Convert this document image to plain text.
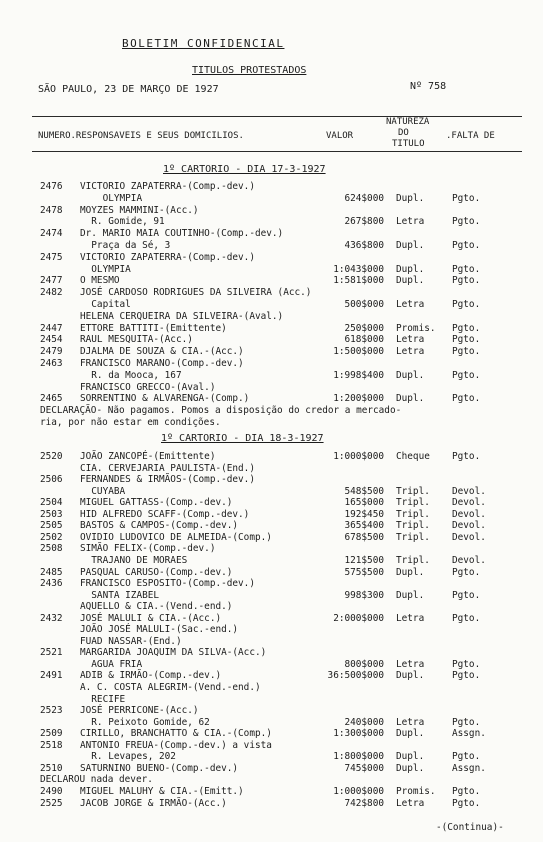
BOLETIM CONFIDENCIAL
TITULOS PROTESTADOS
SÃO PAULO, 23 DE MARÇO DE 1927	Nº 758
NUMERO.RESPONSAVEIS E SEUS DOMICILIOS.	VALOR
NATUREZA
DO
TITULO
.FALTA DE
1º CARTORIO - DIA 17-3-1927
1º CARTORIO - DIA 18-3-1927
2476 VICTORIO ZAPATERRA-(Comp.-dev.)
OLYMPIA	624$000 Dupl.	Pgto.
2478 MOYZES MAMMINI-(Acc.)
R. Gomide, 91	267$800 Letra	Pgto.
2474 Dr. MARIO MAIA COUTINHO-(Comp.-dev.)
Praça da Sé, 3	436$800 Dupl.	Pgto.
2475 VICTORIO ZAPATERRA-(Comp.-dev.)
OLYMPIA	1:043$000 Dupl.	Pgto.
2477 O MESMO	1:581$000 Dupl.	Pgto.
2482 JOSÉ CARDOSO RODRIGUES DA SILVEIRA (Acc.)
Capital	500$000 Letra	Pgto.
HELENA CERQUEIRA DA SILVEIRA-(Aval.)
2447 ETTORE BATTITI-(Emittente)	250$000 Promis. Pgto.
2454 RAUL MESQUITA-(Acc.)	618$000 Letra	Pgto.
2479 DJALMA DE SOUZA & CIA.-(Acc.)	1:500$000 Letra	Pgto.
2463 FRANCISCO MARANO-(Comp.-dev.)
R. da Mooca, 167	1:998$400 Dupl.	Pgto.
FRANCISCO GRECCO-(Aval.)
2465 SORRENTINO & ALVARENGA-(Comp.)	1:200$000 Dupl.	Pgto.
DECLARAÇÃO- Não pagamos. Pomos a disposição do credor a mercado-
ria, por não estar em condições.
2520 JOÃO ZANCOPÉ-(Emittente)	1:000$000 Cheque Pgto.
CIA. CERVEJARIA PAULISTA-(End.)
2506 FERNANDES & IRMÃOS-(Comp.-dev.)
CUYABA	548$500 Tripl. Devol.
2504 MIGUEL GATTASS-(Comp.-dev.)	165$000 Tripl. Devol.
2503 HID ALFREDO SCAFF-(Comp.-dev.)	192$450 Tripl. Devol.
2505 BASTOS & CAMPOS-(Comp.-dev.)	365$400 Tripl. Devol.
2502 OVIDIO LUDOVICO DE ALMEIDA-(Comp.)	678$500 Tripl. Devol.
2508 SIMÃO FELIX-(Comp.-dev.)
TRAJANO DE MORAES	121$500 Tripl. Devol.
2485 PASQUAL CARUSO-(Comp.-dev.)	575$500 Dupl.	Pgto.
2436 FRANCISCO ESPOSITO-(Comp.-dev.)
SANTA IZABEL	998$300 Dupl.	Pgto.
AQUELLO & CIA.-(Vend.-end.)
2432 JOSÉ MALULI & CIA.-(Acc.)	2:000$000 Letra	Pgto.
JOÃO JOSÉ MALULI-(Sac.-end.)
FUAD NASSAR-(End.)
2521 MARGARIDA JOAQUIM DA SILVA-(Acc.)
AGUA FRIA	800$000 Letra	Pgto.
2491 ADIB & IRMÃO-(Comp.-dev.)	36:500$000 Dupl.	Pgto.
A. C. COSTA ALEGRIM-(Vend.-end.)
RECIFE
2523 JOSÉ PERRICONE-(Acc.)
R. Peixoto Gomide, 62	240$000 Letra	Pgto.
2509 CIRILLO, BRANCHATTO & CIA.-(Comp.)	1:300$000 Dupl.	Assgn.
2518 ANTONIO FREUA-(Comp.-dev.) a vista
R. Levapes, 202	1:800$000 Dupl.	Pgto.
2510 SATURNINO BUENO-(Comp.-dev.)	745$000 Dupl.	Assgn.
DECLAROU nada dever.
2490 MIGUEL MALUHY & CIA.-(Emitt.)	1:000$000 Promis. Pgto.
2525 JACOB JORGE & IRMÃO-(Acc.)	742$800 Letra	Pgto.
-(Continua)-
